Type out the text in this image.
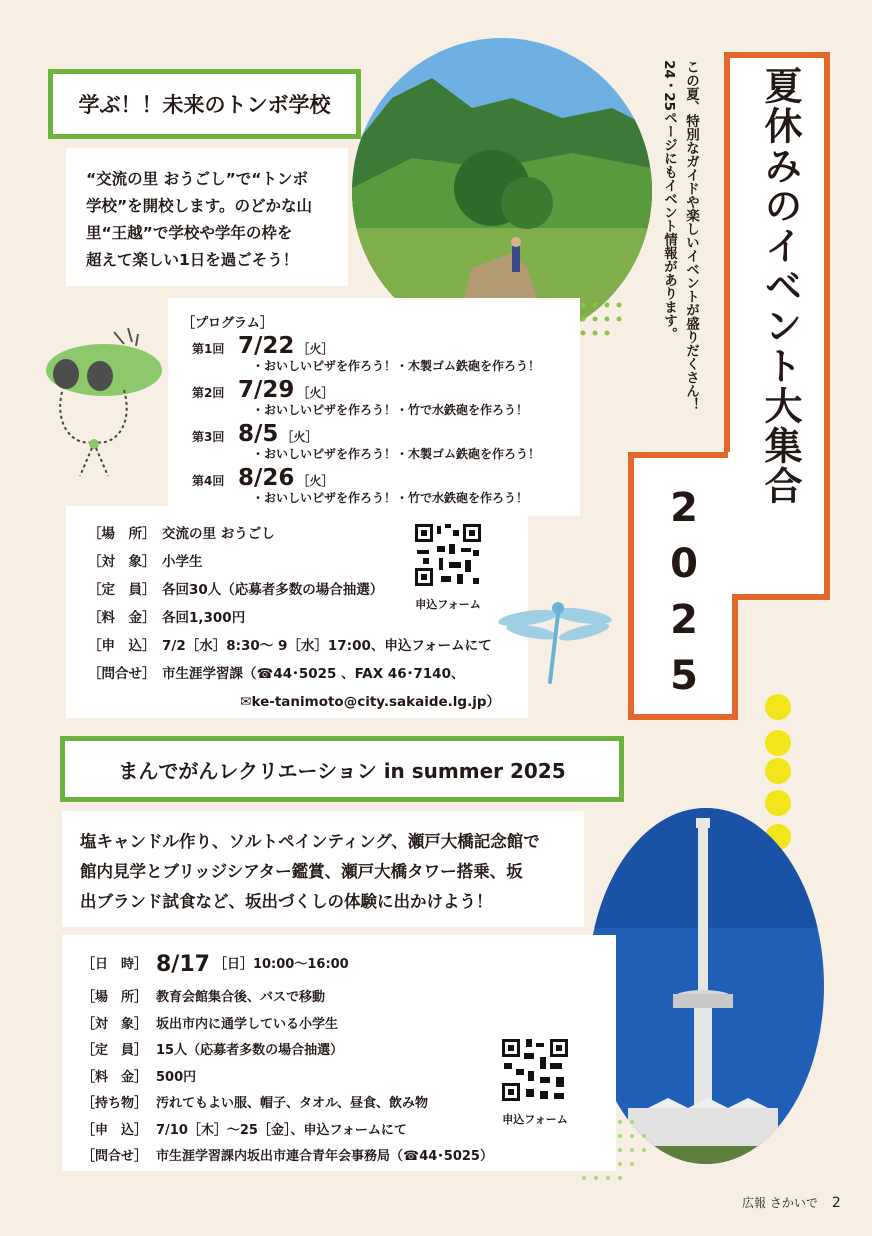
学ぶ！！未来のトンボ学校
“交流の里 おうごし”で“トンボ
学校”を開校します。のどかな山
里“王越”で学校や学年の枠を
超えて楽しい1日を過ごそう！
［プログラム］
第1回 7/22 ［火］
・おいしいピザを作ろう！・木製ゴム鉄砲を作ろう！
第2回 7/29 ［火］
・おいしいピザを作ろう！・竹で水鉄砲を作ろう！
第3回 8/5 ［火］
・おいしいピザを作ろう！・木製ゴム鉄砲を作ろう！
第4回 8/26 ［火］
・おいしいピザを作ろう！・竹で水鉄砲を作ろう！
［場　所］ 交流の里 おうごし
［対　象］ 小学生
［定　員］ 各回30人（応募者多数の場合抽選）
［料　金］ 各回1,300円
［申　込］ 7/2［水］8:30～ 9［水］17:00、申込フォームにて
［問合せ］ 市生涯学習課（☎44･5025 、FAX 46･7140、
✉ke-tanimoto@city.sakaide.lg.jp）
申込フォーム
夏休みのイベント大集合
2
0
2
5
この夏、特別なガイドや楽しいイベントが盛りだくさん！
24・25ページにもイベント情報があります。
まんでがんレクリエーション in summer 2025
塩キャンドル作り、ソルトペインティング、瀬戸大橋記念館で
館内見学とブリッジシアター鑑賞、瀬戸大橋タワー搭乗、坂
出ブランド試食など、坂出づくしの体験に出かけよう！
［日　時］ 8/17 ［日］10:00～16:00
［場　所］ 教育会館集合後、バスで移動
［対　象］ 坂出市内に通学している小学生
［定　員］ 15人（応募者多数の場合抽選）
［料　金］ 500円
［持ち物］ 汚れてもよい服、帽子、タオル、昼食、飲み物
［申　込］ 7/10［木］～25［金］、申込フォームにて
［問合せ］ 市生涯学習課内坂出市連合青年会事務局（☎44･5025）
申込フォーム
広報 さかいで 2
